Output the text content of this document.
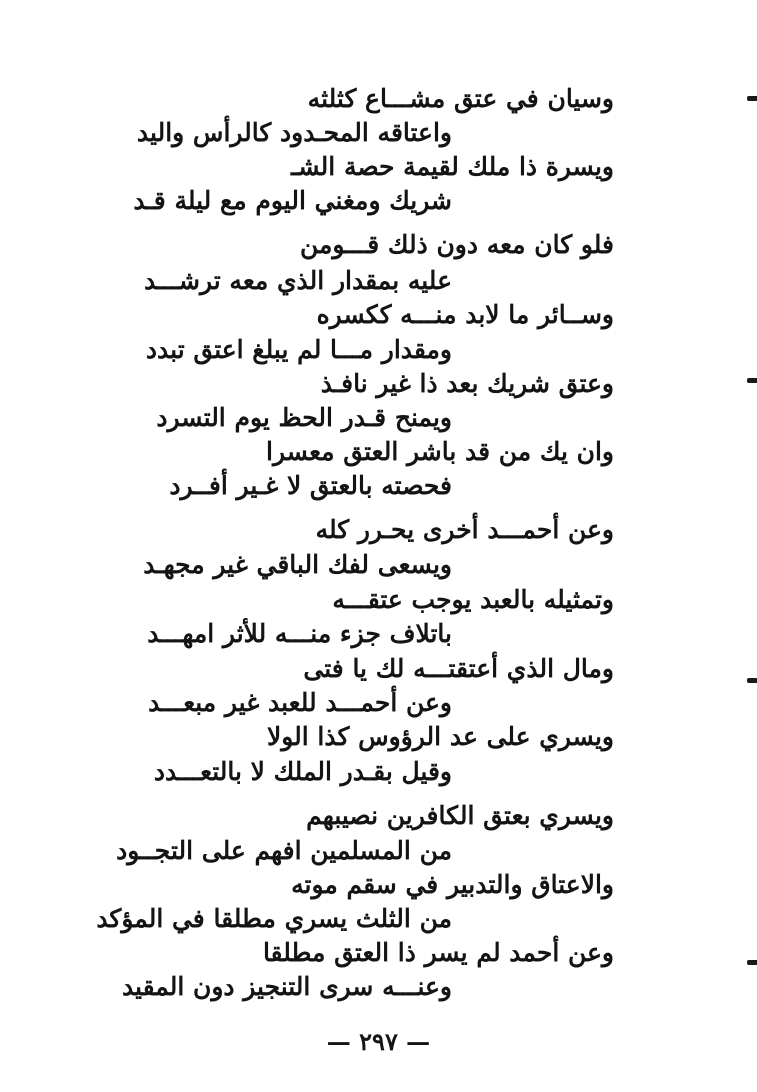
وسيان في عتق مشـــاع كثلثه
واعتاقه المحـدود كالرأس واليد
ويسرة ذا ملك لقيمة حصة الشـ
شريك ومغني اليوم مع ليلة قـد
فلو كان معه دون ذلك قـــومن
عليه بمقدار الذي معه ترشـــد
وســائر ما لابد منـــه ككسره
ومقدار مـــا لم يبلغ اعتق تبدد
وعتق شريك بعد ذا غير نافـذ
ويمنح قـدر الحظ يوم التسرد
وان يك من قد باشر العتق معسرا
فحصته بالعتق لا غـير أفــرد
وعن أحمـــد أخرى يحـرر كله
ويسعى لفك الباقي غير مجهـد
وتمثيله بالعبد يوجب عتقـــه
باتلاف جزء منـــه للأثر امهـــد
ومال الذي أعتقتـــه لك يا فتى
وعن أحمـــد للعبد غير مبعـــد
ويسري على عد الرؤوس كذا الولا
وقيل بقـدر الملك لا بالتعـــدد
ويسري بعتق الكافرين نصيبهم
من المسلمين افهم على التجــود
والاعتاق والتدبير في سقم موته
من الثلث يسري مطلقا في المؤكد
وعن أحمد لم يسر ذا العتق مطلقا
وعنـــه سرى التنجيز دون المقيد
— ٢٩٧ —
